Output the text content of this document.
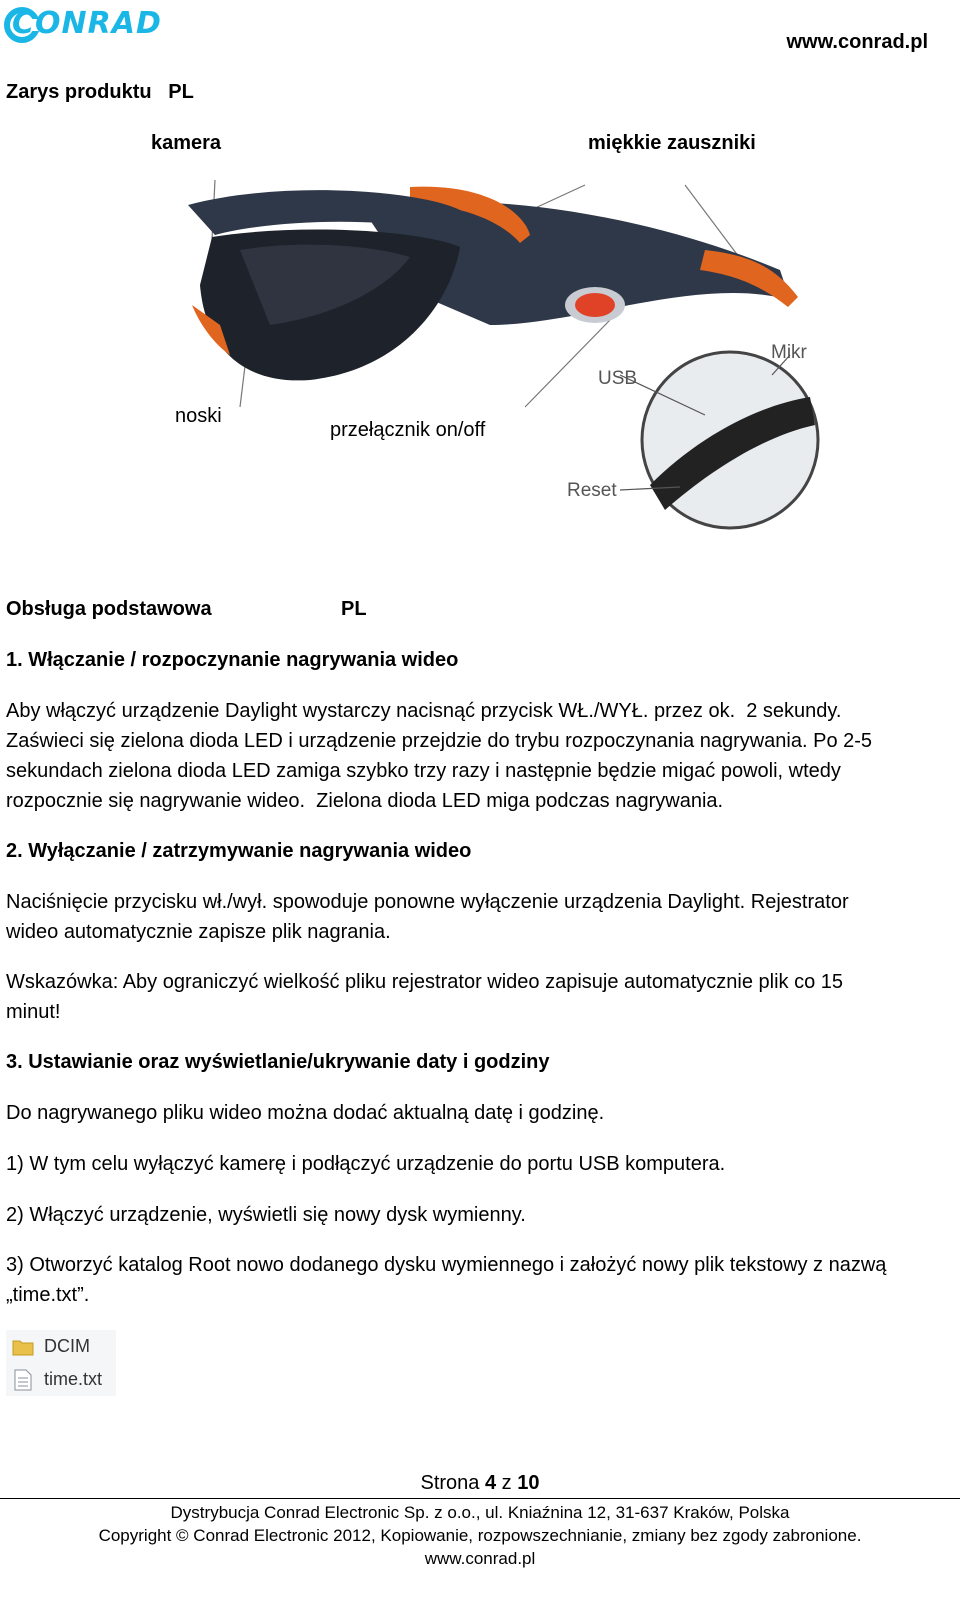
CONRAD
www.conrad.pl
Zarys produktu   PL
kamera	miękkie zauszniki
Mikr
USB
noski
przełącznik on/off
Reset
Obsługa podstawowa	PL
1. Włączanie / rozpoczynanie nagrywania wideo
Aby włączyć urządzenie Daylight wystarczy nacisnąć przycisk WŁ./WYŁ. przez ok.  2 sekundy.
Zaświeci się zielona dioda LED i urządzenie przejdzie do trybu rozpoczynania nagrywania. Po 2-5
sekundach zielona dioda LED zamiga szybko trzy razy i następnie będzie migać powoli, wtedy
rozpocznie się nagrywanie wideo.  Zielona dioda LED miga podczas nagrywania.
2. Wyłączanie / zatrzymywanie nagrywania wideo
Naciśnięcie przycisku wł./wył. spowoduje ponowne wyłączenie urządzenia Daylight. Rejestrator
wideo automatycznie zapisze plik nagrania.
Wskazówka: Aby ograniczyć wielkość pliku rejestrator wideo zapisuje automatycznie plik co 15
minut!
3. Ustawianie oraz wyświetlanie/ukrywanie daty i godziny
Do nagrywanego pliku wideo można dodać aktualną datę i godzinę.
1) W tym celu wyłączyć kamerę i podłączyć urządzenie do portu USB komputera.
2) Włączyć urządzenie, wyświetli się nowy dysk wymienny.
3) Otworzyć katalog Root nowo dodanego dysku wymiennego i założyć nowy plik tekstowy z nazwą
„time.txt”.
DCIM
time.txt
Strona 4 z 10
Dystrybucja Conrad Electronic Sp. z o.o., ul. Kniaźnina 12, 31-637 Kraków, Polska
Copyright © Conrad Electronic 2012, Kopiowanie, rozpowszechnianie, zmiany bez zgody zabronione.
www.conrad.pl
